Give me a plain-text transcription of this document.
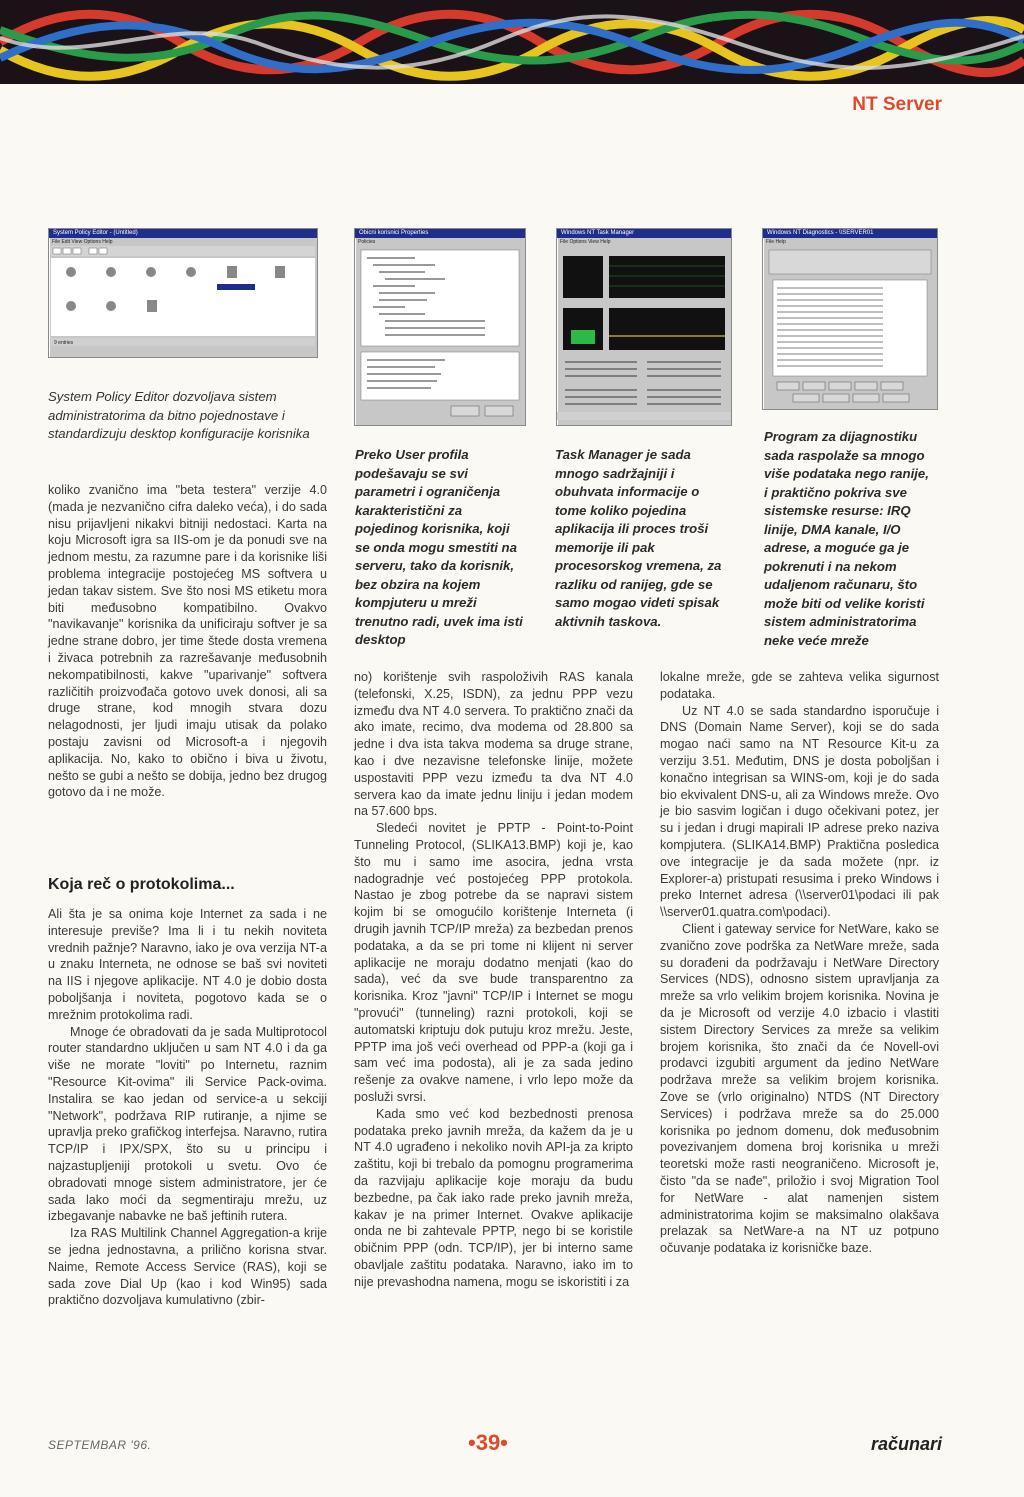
NT Server
System Policy Editor - (Untitled)
File Edit View Options Help
9 entries
Obicni korisnici Properties
Policies
Windows NT Task Manager
File Options View Help
Windows NT Diagnostics - \\SERVER01
File Help
System Policy Editor dozvoljava sistem administratorima da bitno pojednostave i standardizuju desktop konfiguracije korisnika
Preko User profila podešavaju se svi parametri i ograničenja karakteristični za pojedinog korisnika, koji se onda mogu smestiti na serveru, tako da korisnik, bez obzira na kojem kompjuteru u mreži trenutno radi, uvek ima isti desktop
Task Manager je sada mnogo sadržajniji i obuhvata informacije o tome koliko pojedina aplikacija ili proces troši memorije ili pak procesorskog vremena, za razliku od ranijeg, gde se samo mogao videti spisak aktivnih taskova.
Program za dijagnostiku sada raspolaže sa mnogo više podataka nego ranije, i praktično pokriva sve sistemske resurse: IRQ linije, DMA kanale, I/O adrese, a moguće ga je pokrenuti i na nekom udaljenom računaru, što može biti od velike koristi sistem administratorima neke veće mreže

koliko zvanično ima "beta testera" verzije 4.0 (mada je nezvanično cifra daleko veća), i do sada nisu prijavljeni nikakvi bitniji nedostaci. Karta na koju Microsoft igra sa IIS-om je da ponudi sve na jednom mestu, za razumne pare i da korisnike liši problema integracije postojećeg MS softvera u jedan takav sistem. Sve što nosi MS etiketu mora biti međusobno kompatibilno. Ovakvo "navikavanje" korisnika da unificiraju softver je sa jedne strane dobro, jer time štede dosta vremena i živaca potrebnih za razrešavanje međusobnih nekompatibilnosti, kakve "uparivanje" softvera različitih proizvođača gotovo uvek donosi, ali sa druge strane, kod mnogih stvara dozu nelagodnosti, jer ljudi imaju utisak da polako postaju zavisni od Microsoft-a i njegovih aplikacija. No, kako to obično i biva u životu, nešto se gubi a nešto se dobija, jedno bez drugog gotovo da i ne može.

Koja reč o protokolima...

Ali šta je sa onima koje Internet za sada i ne interesuje previše? Ima li i tu nekih noviteta vrednih pažnje? Naravno, iako je ova verzija NT-a u znaku Interneta, ne odnose se baš svi noviteti na IIS i njegove aplikacije. NT 4.0 je dobio dosta poboljšanja i noviteta, pogotovo kada se o mrežnim protokolima radi.

Mnoge će obradovati da je sada Multiprotocol router standardno uključen u sam NT 4.0 i da ga više ne morate "loviti" po Internetu, raznim "Resource Kit-ovima" ili Service Pack-ovima. Instalira se kao jedan od service-a u sekciji "Network", podržava RIP rutiranje, a njime se upravlja preko grafičkog interfejsa. Naravno, rutira TCP/IP i IPX/SPX, što su u principu i najzastupljeniji protokoli u svetu. Ovo će obradovati mnoge sistem administratore, jer će sada lako moći da segmentiraju mrežu, uz izbegavanje nabavke ne baš jeftinih rutera.

Iza RAS Multilink Channel Aggregation-a krije se jedna jednostavna, a prilično korisna stvar. Naime, Remote Access Service (RAS), koji se sada zove Dial Up (kao i kod Win95) sada praktično dozvoljava kumulativno (zbir-

no) korištenje svih raspoloživih RAS kanala (telefonski, X.25, ISDN), za jednu PPP vezu između dva NT 4.0 servera. To praktično znači da ako imate, recimo, dva modema od 28.800 sa jedne i dva ista takva modema sa druge strane, kao i dve nezavisne telefonske linije, možete uspostaviti PPP vezu između ta dva NT 4.0 servera kao da imate jednu liniju i jedan modem na 57.600 bps.

Sledeći novitet je PPTP - Point-to-Point Tunneling Protocol, (SLIKA13.BMP) koji je, kao što mu i samo ime asocira, jedna vrsta nadogradnje već postojećeg PPP protokola. Nastao je zbog potrebe da se napravi sistem kojim bi se omogućilo korištenje Interneta (i drugih javnih TCP/IP mreža) za bezbedan prenos podataka, a da se pri tome ni klijent ni server aplikacije ne moraju dodatno menjati (kao do sada), već da sve bude transparentno za korisnika. Kroz "javni" TCP/IP i Internet se mogu "provući" (tunneling) razni protokoli, koji se automatski kriptuju dok putuju kroz mrežu. Jeste, PPTP ima još veći overhead od PPP-a (koji ga i sam već ima podosta), ali je za sada jedino rešenje za ovakve namene, i vrlo lepo može da posluži svrsi.

Kada smo već kod bezbednosti prenosa podataka preko javnih mreža, da kažem da je u NT 4.0 ugrađeno i nekoliko novih API-ja za kripto zaštitu, koji bi trebalo da pomognu programerima da razvijaju aplikacije koje moraju da budu bezbedne, pa čak iako rade preko javnih mreža, kakav je na primer Internet. Ovakve aplikacije onda ne bi zahtevale PPTP, nego bi se koristile običnim PPP (odn. TCP/IP), jer bi interno same obavljale zaštitu podataka. Naravno, iako im to nije prevashodna namena, mogu se iskoristiti i za

lokalne mreže, gde se zahteva velika sigurnost podataka.

Uz NT 4.0 se sada standardno isporučuje i DNS (Domain Name Server), koji se do sada mogao naći samo na NT Resource Kit-u za verziju 3.51. Međutim, DNS je dosta poboljšan i konačno integrisan sa WINS-om, koji je do sada bio ekvivalent DNS-u, ali za Windows mreže. Ovo je bio sasvim logičan i dugo očekivani potez, jer su i jedan i drugi mapirali IP adrese preko naziva kompjutera. (SLIKA14.BMP) Praktična posledica ove integracije je da sada možete (npr. iz Explorer-a) pristupati resusima i preko Windows i preko Internet adresa (\\server01\podaci ili pak \\server01.quatra.com\podaci).

Client i gateway service for NetWare, kako se zvanično zove podrška za NetWare mreže, sada su dorađeni da podržavaju i NetWare Directory Services (NDS), odnosno sistem upravljanja za mreže sa vrlo velikim brojem korisnika. Novina je da je Microsoft od verzije 4.0 izbacio i vlastiti sistem Directory Services za mreže sa velikim brojem korisnika, što znači da će Novell-ovi prodavci izgubiti argument da jedino NetWare podržava mreže sa velikim brojem korisnika. Zove se (vrlo originalno) NTDS (NT Directory Services) i podržava mreže sa do 25.000 korisnika po jednom domenu, dok međusobnim povezivanjem domena broj korisnika u mreži teoretski može rasti neograničeno. Microsoft je, čisto "da se nađe", priložio i svoj Migration Tool for NetWare - alat namenjen sistem administratorima kojim se maksimalno olakšava prelazak sa NetWare-a na NT uz potpuno očuvanje podataka iz korisničke baze.

SEPTEMBAR '96.	•39•	računari
